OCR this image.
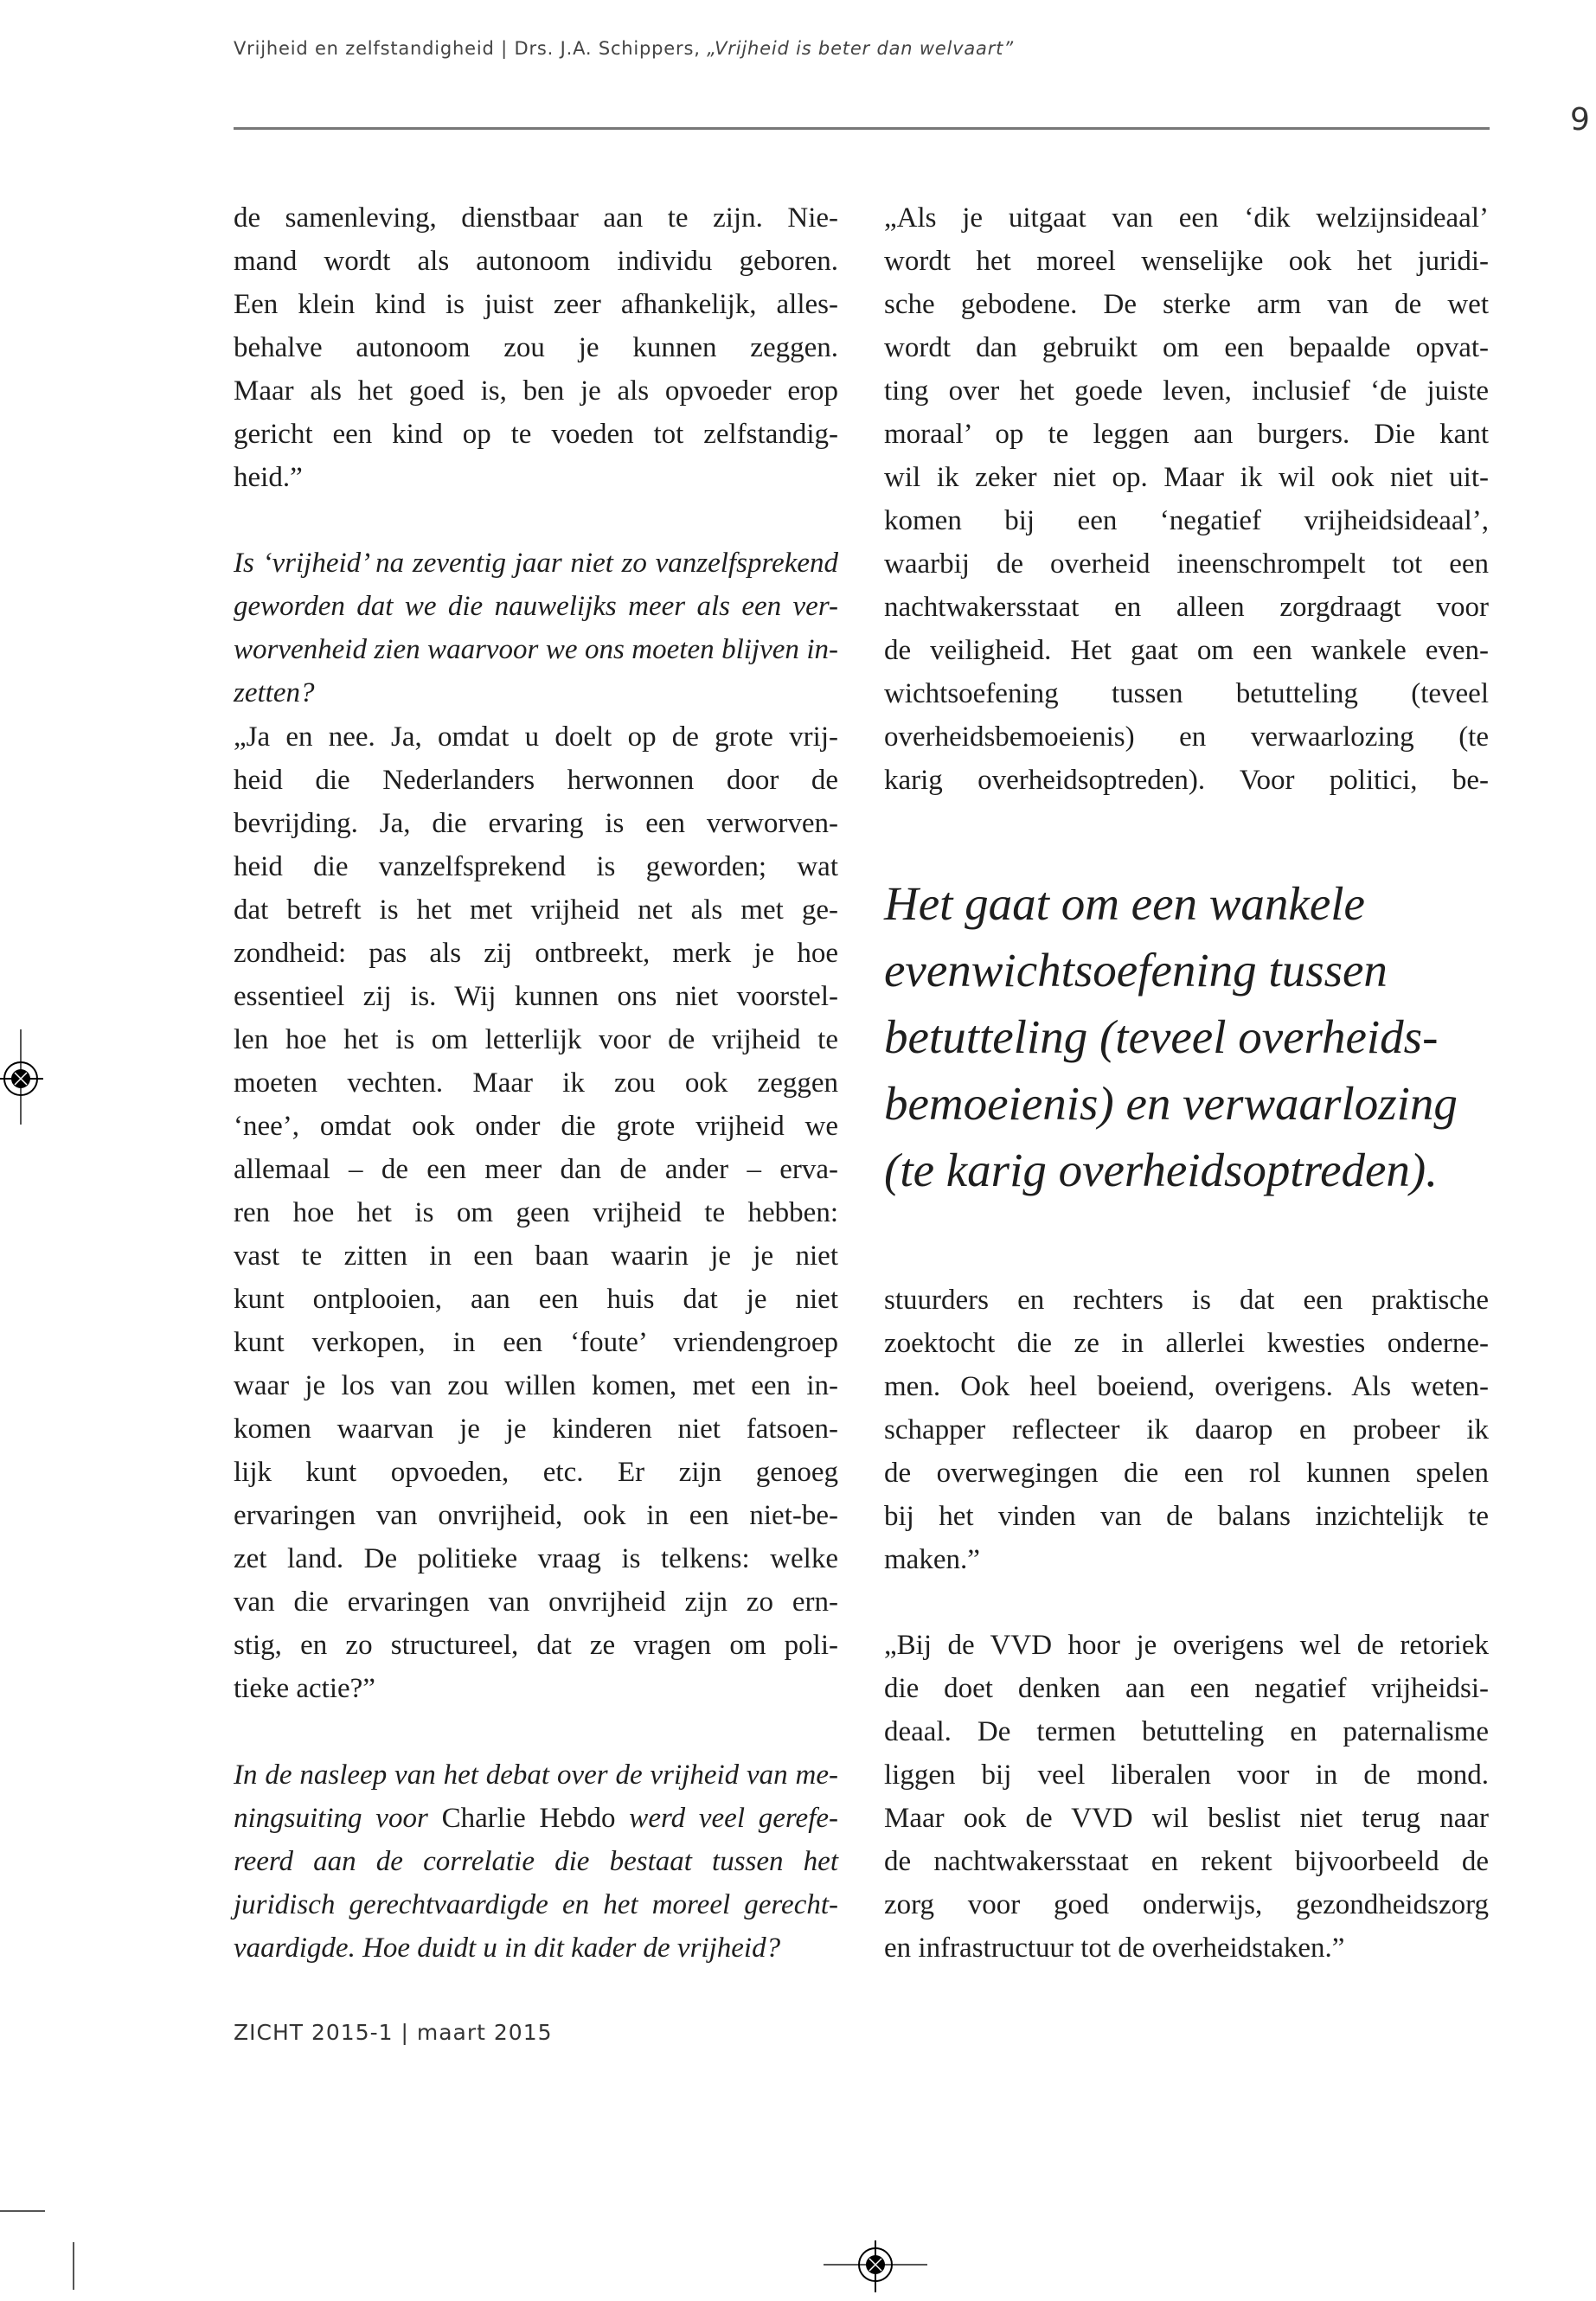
Vrijheid en zelfstandigheid | Drs. J.A. Schippers, „Vrijheid is beter dan welvaart”
9
de samenleving, dienstbaar aan te zijn. Nie-
mand wordt als autonoom individu geboren.
Een klein kind is juist zeer afhankelijk, alles-
behalve autonoom zou je kunnen zeggen.
Maar als het goed is, ben je als opvoeder erop
gericht een kind op te voeden tot zelfstandig-
heid.”
Is ‘vrijheid’ na zeventig jaar niet zo vanzelfsprekend
geworden dat we die nauwelijks meer als een ver-
worvenheid zien waarvoor we ons moeten blijven in-
zetten?
„Ja en nee. Ja, omdat u doelt op de grote vrij-
heid die Nederlanders herwonnen door de
bevrijding. Ja, die ervaring is een verworven-
heid die vanzelfsprekend is geworden; wat
dat betreft is het met vrijheid net als met ge-
zondheid: pas als zij ontbreekt, merk je hoe
essentieel zij is. Wij kunnen ons niet voorstel-
len hoe het is om letterlijk voor de vrijheid te
moeten vechten. Maar ik zou ook zeggen
‘nee’, omdat ook onder die grote vrijheid we
allemaal – de een meer dan de ander – erva-
ren hoe het is om geen vrijheid te hebben:
vast te zitten in een baan waarin je je niet
kunt ontplooien, aan een huis dat je niet
kunt verkopen, in een ‘foute’ vriendengroep
waar je los van zou willen komen, met een in-
komen waarvan je je kinderen niet fatsoen-
lijk kunt opvoeden, etc. Er zijn genoeg
ervaringen van onvrijheid, ook in een niet-be-
zet land. De politieke vraag is telkens: welke
van die ervaringen van onvrijheid zijn zo ern-
stig, en zo structureel, dat ze vragen om poli-
tieke actie?”
In de nasleep van het debat over de vrijheid van me-
ningsuiting voor Charlie Hebdo werd veel gerefe-
reerd aan de correlatie die bestaat tussen het
juridisch gerechtvaardigde en het moreel gerecht-
vaardigde. Hoe duidt u in dit kader de vrijheid?
„Als je uitgaat van een ‘dik welzijnsideaal’
wordt het moreel wenselijke ook het juridi-
sche gebodene. De sterke arm van de wet
wordt dan gebruikt om een bepaalde opvat-
ting over het goede leven, inclusief ‘de juiste
moraal’ op te leggen aan burgers. Die kant
wil ik zeker niet op. Maar ik wil ook niet uit-
komen bij een ‘negatief vrijheidsideaal’,
waarbij de overheid ineenschrompelt tot een
nachtwakersstaat en alleen zorgdraagt voor
de veiligheid. Het gaat om een wankele even-
wichtsoefening tussen betutteling (teveel
overheidsbemoeienis) en verwaarlozing (te
karig overheidsoptreden). Voor politici, be-
Het gaat om een wankele
evenwichtsoefening tussen
betutteling (teveel overheids-
bemoeienis) en verwaarlozing
(te karig overheidsoptreden).
stuurders en rechters is dat een praktische
zoektocht die ze in allerlei kwesties onderne-
men. Ook heel boeiend, overigens. Als weten-
schapper reflecteer ik daarop en probeer ik
de overwegingen die een rol kunnen spelen
bij het vinden van de balans inzichtelijk te
maken.”
„Bij de VVD hoor je overigens wel de retoriek
die doet denken aan een negatief vrijheidsi-
deaal. De termen betutteling en paternalisme
liggen bij veel liberalen voor in de mond.
Maar ook de VVD wil beslist niet terug naar
de nachtwakersstaat en rekent bijvoorbeeld de
zorg voor goed onderwijs, gezondheidszorg
en infrastructuur tot de overheidstaken.”
ZICHT 2015-1 | maart 2015
